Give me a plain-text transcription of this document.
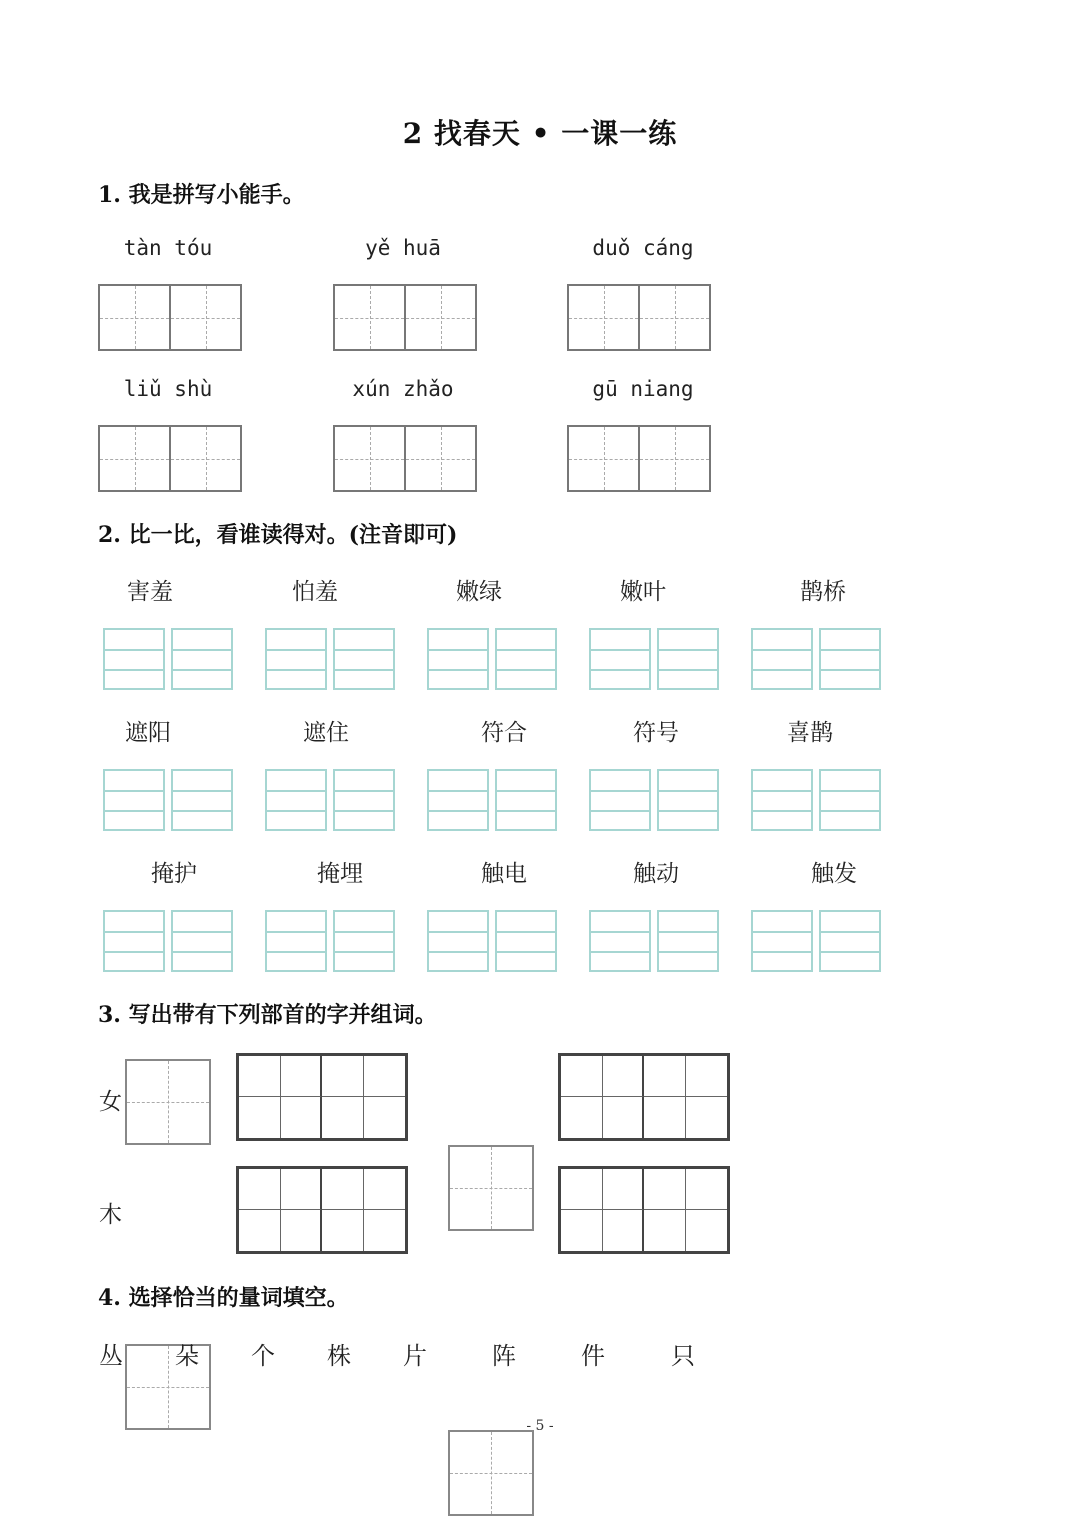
2 找春天 • 一课一练
1. 我是拼写小能手。
tàn tóu	yě huā	duǒ cáng
liǔ shù	xún zhǎo	gū niang
2. 比一比，看谁读得对。(注音即可)
害羞	怕羞	嫩绿	嫩叶	鹊桥
遮阳	遮住	符合	符号	喜鹊
掩护	掩埋	触电	触动	触发
3. 写出带有下列部首的字并组词。
女
木
4. 选择恰当的量词填空。
丛 朵 个 株 片	阵	件	只
- 5 -
